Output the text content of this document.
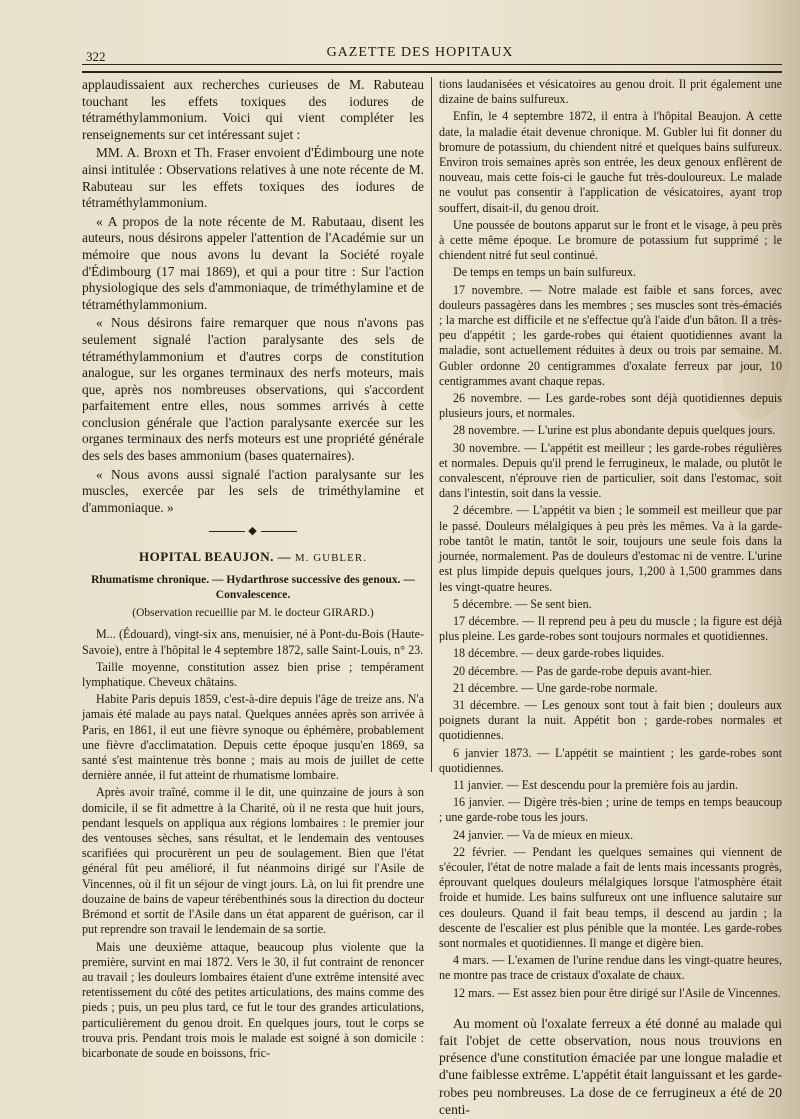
322	GAZETTE DES HOPITAUX

applaudissaient aux recherches curieuses de M. Rabuteau touchant les effets toxiques des iodures de tétraméthylammonium. Voici qui vient compléter les renseignements sur cet intéressant sujet :

MM. A. Broxn et Th. Fraser envoient d'Édimbourg une note ainsi intitulée : Observations relatives à une note récente de M. Rabuteau sur les effets toxiques des iodures de tétraméthylammonium.

« A propos de la note récente de M. Rabutaau, disent les auteurs, nous désirons appeler l'attention de l'Académie sur un mémoire que nous avons lu devant la Société royale d'Édimbourg (17 mai 1869), et qui a pour titre : Sur l'action physiologique des sels d'ammoniaque, de triméthylamine et de tétraméthylammonium.

« Nous désirons faire remarquer que nous n'avons pas seulement signalé l'action paralysante des sels de tétraméthylammonium et d'autres corps de constitution analogue, sur les organes terminaux des nerfs moteurs, mais que, après nos nombreuses observations, qui s'accordent parfaitement entre elles, nous sommes arrivés à cette conclusion générale que l'action paralysante exercée sur les organes terminaux des nerfs moteurs est une propriété générale des sels des bases ammonium (bases quaternaires).

« Nous avons aussi signalé l'action paralysante sur les muscles, exercée par les sels de triméthylamine et d'ammoniaque. »

◆
HOPITAL BEAUJON. — M. GUBLER.
Rhumatisme chronique. — Hydarthrose successive des genoux. — Convalescence.
(Observation recueillie par M. le docteur GIRARD.)

M... (Édouard), vingt-six ans, menuisier, né à Pont-du-Bois (Haute-Savoie), entre à l'hôpital le 4 septembre 1872, salle Saint-Louis, n° 23.

Taille moyenne, constitution assez bien prise ; tempérament lymphatique. Cheveux châtains.

Habite Paris depuis 1859, c'est-à-dire depuis l'âge de treize ans. N'a jamais été malade au pays natal. Quelques années après son arrivée à Paris, en 1861, il eut une fièvre synoque ou éphémère, probablement une fièvre d'acclimatation. Depuis cette époque jusqu'en 1869, sa santé s'est maintenue très bonne ; mais au mois de juillet de cette dernière année, il fut atteint de rhumatisme lombaire.

Après avoir traîné, comme il le dit, une quinzaine de jours à son domicile, il se fit admettre à la Charité, où il ne resta que huit jours, pendant lesquels on appliqua aux régions lombaires : le premier jour des ventouses sèches, sans résultat, et le lendemain des ventouses scarifiées qui procurèrent un peu de soulagement. Bien que l'état général fût peu amélioré, il fut néanmoins dirigé sur l'Asile de Vincennes, où il fit un séjour de vingt jours. Là, on lui fit prendre une douzaine de bains de vapeur térébenthinés sous la direction du docteur Brémond et sortit de l'Asile dans un état apparent de guérison, car il put reprendre son travail le lendemain de sa sortie.

Mais une deuxième attaque, beaucoup plus violente que la première, survint en mai 1872. Vers le 30, il fut contraint de renoncer au travail ; les douleurs lombaires étaient d'une extrême intensité avec retentissement du côté des petites articulations, des mains comme des pieds ; puis, un peu plus tard, ce fut le tour des grandes articulations, particulièrement du genou droit. En quelques jours, tout le corps se trouva pris. Pendant trois mois le malade est soigné à son domicile : bicarbonate de soude en boissons, fric-

tions laudanisées et vésicatoires au genou droit. Il prit également une dizaine de bains sulfureux.

Enfin, le 4 septembre 1872, il entra à l'hôpital Beaujon. A cette date, la maladie était devenue chronique. M. Gubler lui fit donner du bromure de potassium, du chiendent nitré et quelques bains sulfureux. Environ trois semaines après son entrée, les deux genoux enflèrent de nouveau, mais cette fois-ci le gauche fut très-douloureux. Le malade ne voulut pas consentir à l'application de vésicatoires, ayant trop souffert, disait-il, du genou droit.

Une poussée de boutons apparut sur le front et le visage, à peu près à cette même époque. Le bromure de potassium fut supprimé ; le chiendent nitré fut seul continué.

De temps en temps un bain sulfureux.

17 novembre. — Notre malade est faible et sans forces, avec douleurs passagères dans les membres ; ses muscles sont très-émaciés ; la marche est difficile et ne s'effectue qu'à l'aide d'un bâton. Il a très-peu d'appétit ; les garde-robes qui étaient quotidiennes avant la maladie, sont actuellement réduites à deux ou trois par semaine. M. Gubler ordonne 20 centigrammes d'oxalate ferreux par jour, 10 centigrammes avant chaque repas.

26 novembre. — Les garde-robes sont déjà quotidiennes depuis plusieurs jours, et normales.

28 novembre. — L'urine est plus abondante depuis quelques jours.

30 novembre. — L'appétit est meilleur ; les garde-robes régulières et normales. Depuis qu'il prend le ferrugineux, le malade, ou plutôt le convalescent, n'éprouve rien de particulier, soit dans l'estomac, soit dans l'intestin, soit dans la vessie.

2 décembre. — L'appétit va bien ; le sommeil est meilleur que par le passé. Douleurs mélalgiques à peu près les mêmes. Va à la garde-robe tantôt le matin, tantôt le soir, toujours une seule fois dans la journée, normalement. Pas de douleurs d'estomac ni de ventre. L'urine est plus limpide depuis quelques jours, 1,200 à 1,500 grammes dans les vingt-quatre heures.

5 décembre. — Se sent bien.

17 décembre. — Il reprend peu à peu du muscle ; la figure est déjà plus pleine. Les garde-robes sont toujours normales et quotidiennes.

18 décembre. — deux garde-robes liquides.

20 décembre. — Pas de garde-robe depuis avant-hier.

21 décembre. — Une garde-robe normale.

31 décembre. — Les genoux sont tout à fait bien ; douleurs aux poignets durant la nuit. Appétit bon ; garde-robes normales et quotidiennes.

6 janvier 1873. — L'appétit se maintient ; les garde-robes sont quotidiennes.

11 janvier. — Est descendu pour la première fois au jardin.

16 janvier. — Digère très-bien ; urine de temps en temps beaucoup ; une garde-robe tous les jours.

24 janvier. — Va de mieux en mieux.

22 février. — Pendant les quelques semaines qui viennent de s'écouler, l'état de notre malade a fait de lents mais incessants progrès, éprouvant quelques douleurs mélalgiques lorsque l'atmosphère était froide et humide. Les bains sulfureux ont une influence salutaire sur ces douleurs. Quand il fait beau temps, il descend au jardin ; la descente de l'escalier est plus pénible que la montée. Les garde-robes sont normales et quotidiennes. Il mange et digère bien.

4 mars. — L'examen de l'urine rendue dans les vingt-quatre heures, ne montre pas trace de cristaux d'oxalate de chaux.

12 mars. — Est assez bien pour être dirigé sur l'Asile de Vincennes.

Au moment où l'oxalate ferreux a été donné au malade qui fait l'objet de cette observation, nous nous trouvions en présence d'une constitution émaciée par une longue maladie et d'une faiblesse extrême. L'appétit était languissant et les garde-robes peu nombreuses. La dose de ce ferrugineux a été de 20 centi-
